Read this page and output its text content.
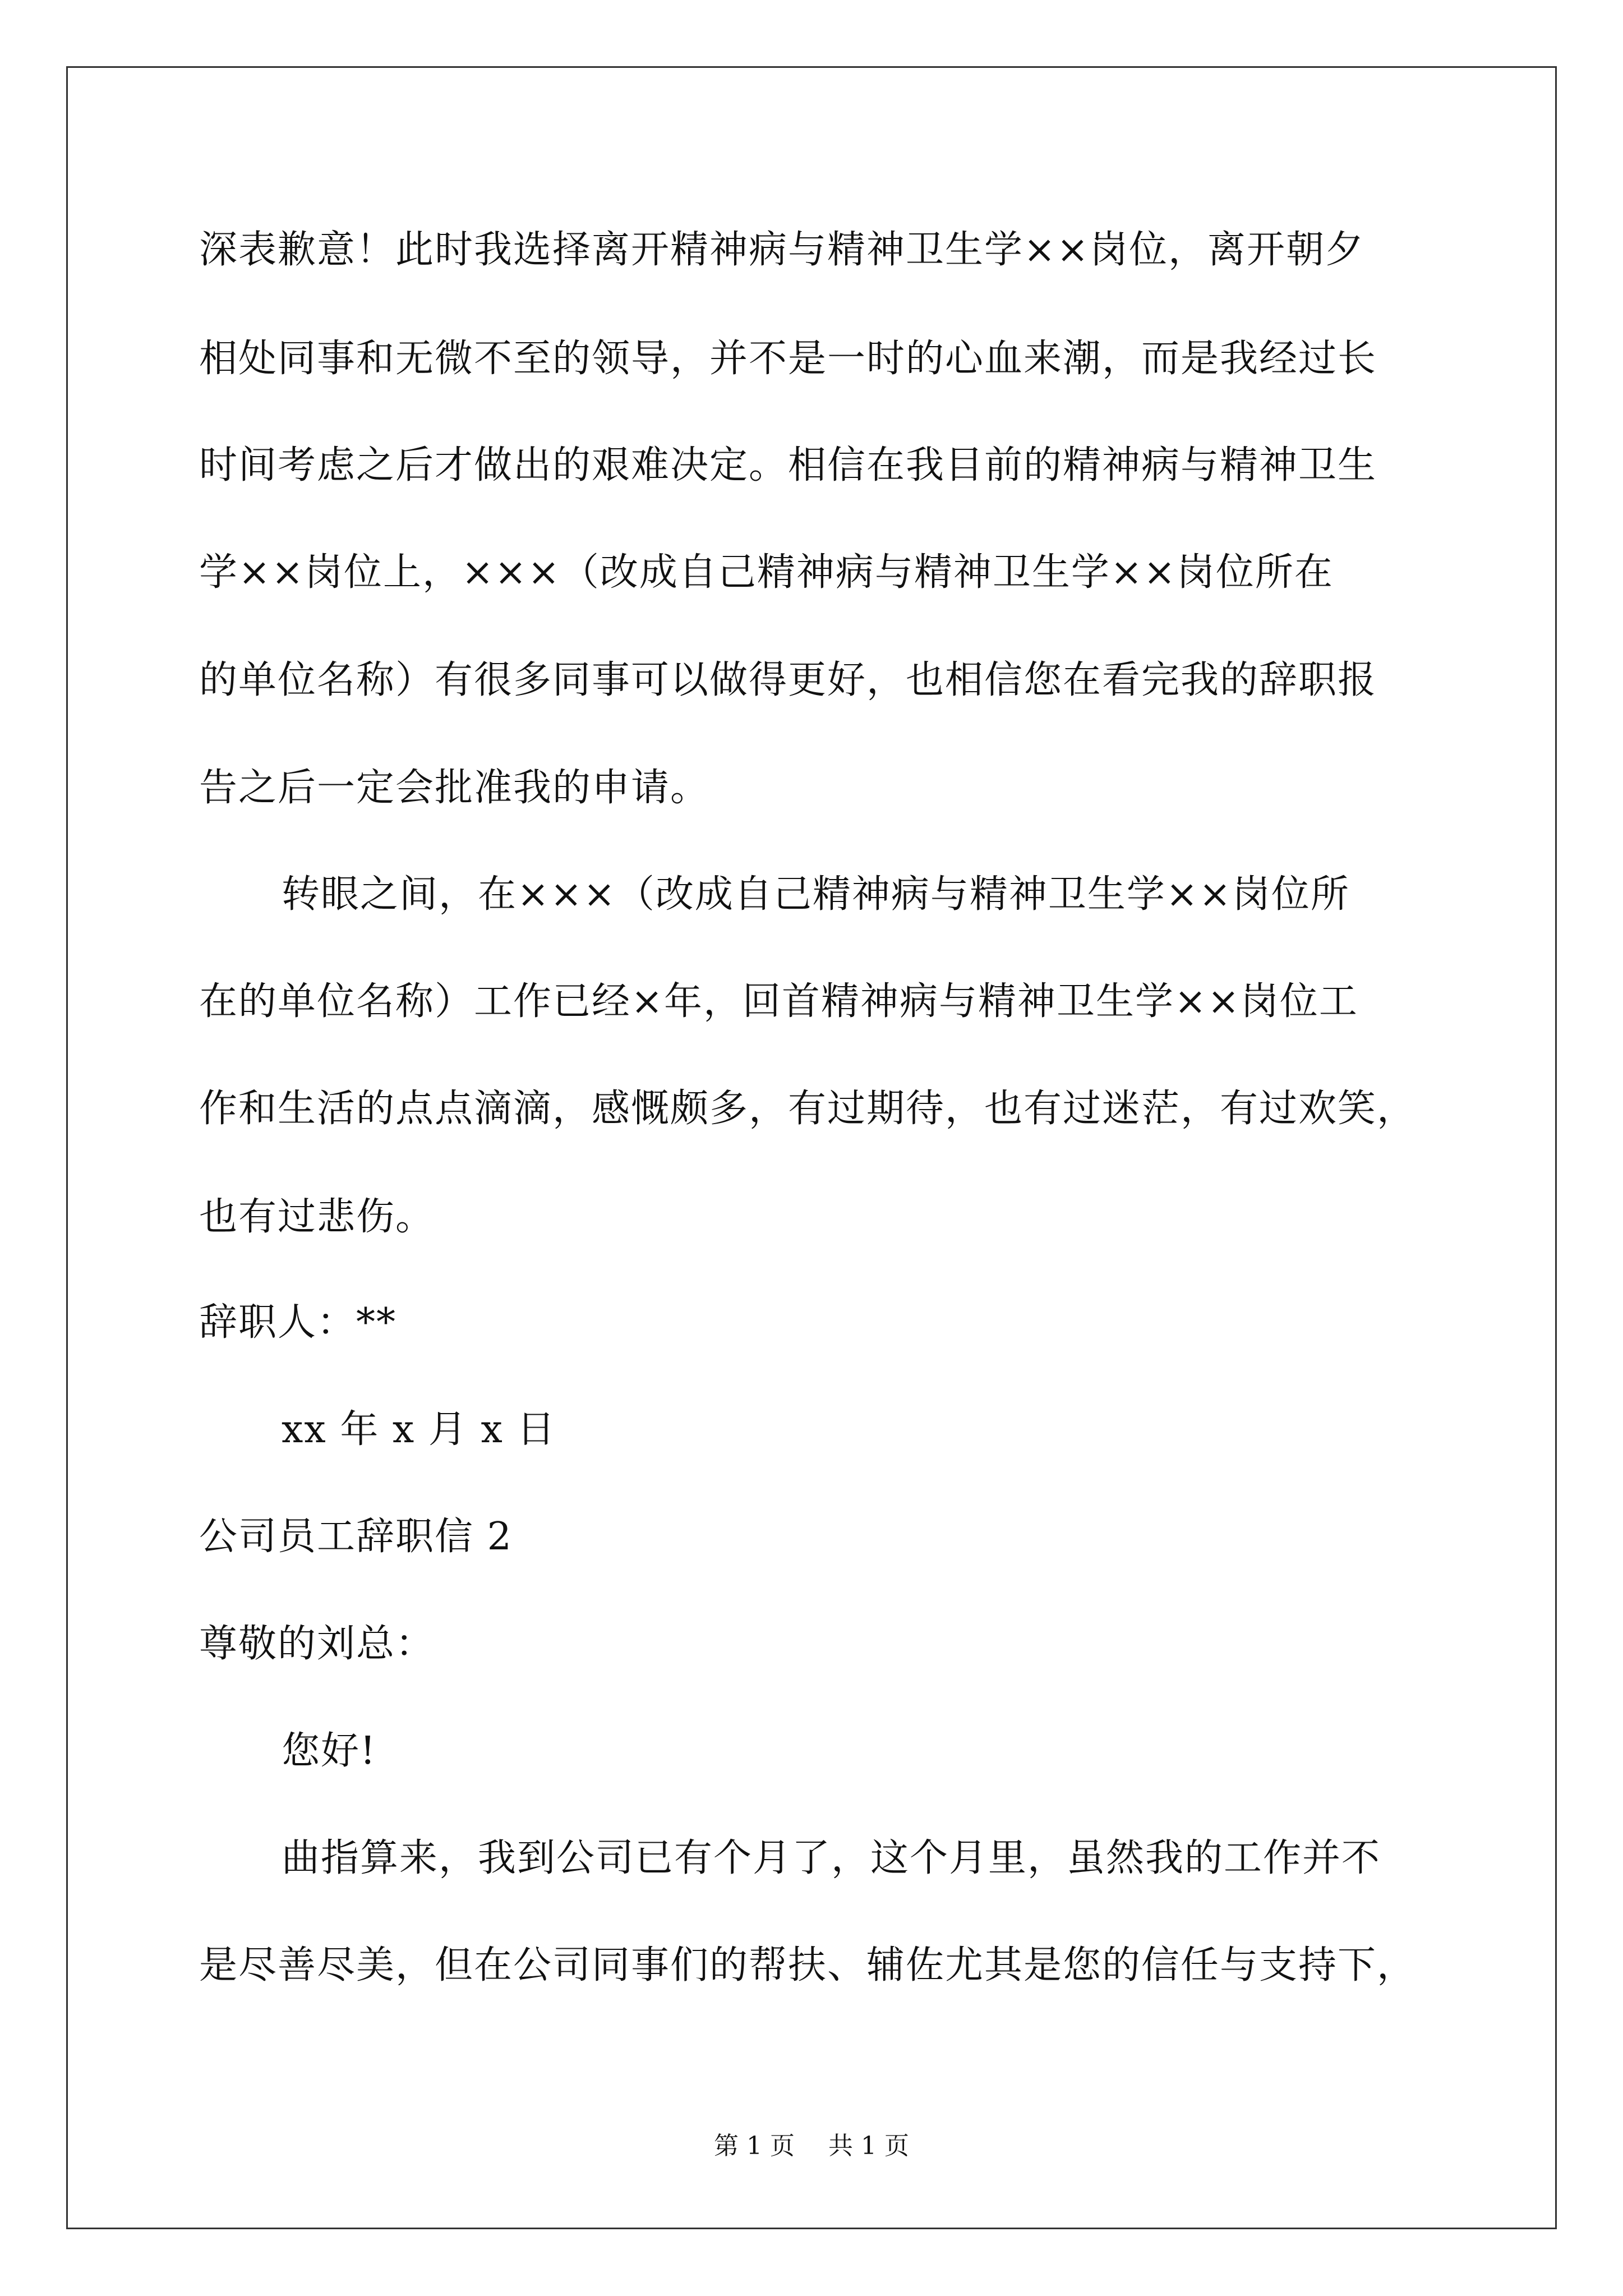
深表歉意！此时我选择离开精神病与精神卫生学××岗位，离开朝夕
相处同事和无微不至的领导，并不是一时的心血来潮，而是我经过长
时间考虑之后才做出的艰难决定。相信在我目前的精神病与精神卫生
学××岗位上，×××（改成自己精神病与精神卫生学××岗位所在
的单位名称）有很多同事可以做得更好，也相信您在看完我的辞职报
告之后一定会批准我的申请。
转眼之间，在×××（改成自己精神病与精神卫生学××岗位所
在的单位名称）工作已经×年，回首精神病与精神卫生学××岗位工
作和生活的点点滴滴，感慨颇多，有过期待，也有过迷茫，有过欢笑，
也有过悲伤。
辞职人：**
xx 年 x 月 x 日
公司员工辞职信 2
尊敬的刘总：
您好!
曲指算来，我到公司已有个月了，这个月里，虽然我的工作并不
是尽善尽美，但在公司同事们的帮扶、辅佐尤其是您的信任与支持下，
第 1 页 共 1 页
